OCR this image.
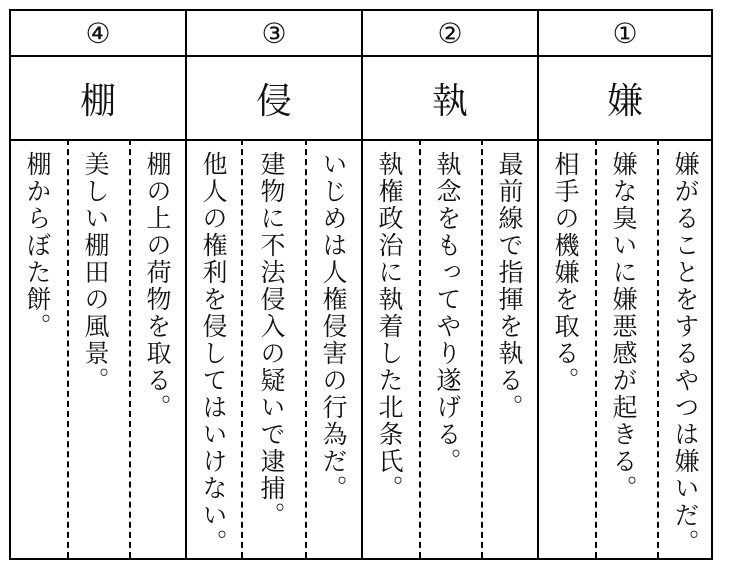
④
棚
棚の上の荷物を取る。
美しい棚田の風景。
棚からぼた餅。
③
侵
いじめは人権侵害の行為だ。
建物に不法侵入の疑いで逮捕。
他人の権利を侵してはいけない。
②
執
最前線で指揮を執る。
執念をもってやり遂げる。
執権政治に執着した北条氏。
①
嫌
嫌がることをするやつは嫌いだ。
嫌な臭いに嫌悪感が起きる。
相手の機嫌を取る。
